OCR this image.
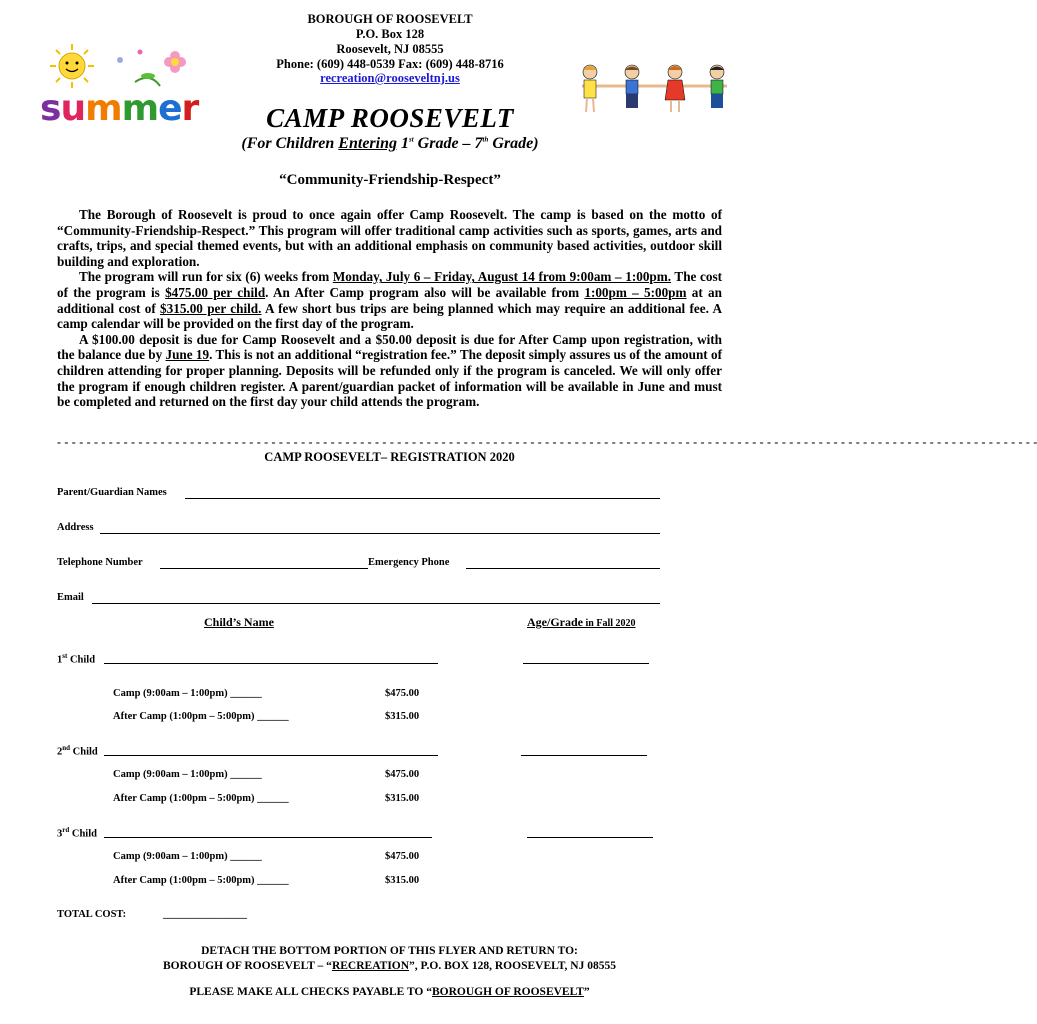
summer
BOROUGH OF ROOSEVELT
P.O. Box 128
Roosevelt, NJ 08555
Phone: (609) 448-0539 Fax: (609) 448-8716
recreation@rooseveltnj.us
CAMP ROOSEVELT
(For Children Entering 1st Grade – 7th Grade)
“Community-Friendship-Respect”

The Borough of Roosevelt is proud to once again offer Camp Roosevelt. The camp is based on the motto of “Community-Friendship-Respect.” This program will offer traditional camp activities such as sports, games, arts and crafts, trips, and special themed events, but with an additional emphasis on community based activities, outdoor skill building and exploration.

The program will run for six (6) weeks from Monday, July 6 – Friday, August 14 from 9:00am – 1:00pm. The cost of the program is $475.00 per child. An After Camp program also will be available from 1:00pm – 5:00pm at an additional cost of $315.00 per child. A few short bus trips are being planned which may require an additional fee. A camp calendar will be provided on the first day of the program.

A $100.00 deposit is due for Camp Roosevelt and a $50.00 deposit is due for After Camp upon registration, with the balance due by June 19. This is not an additional “registration fee.” The deposit simply assures us of the amount of children attending for proper planning. Deposits will be refunded only if the program is canceled. We will only offer the program if enough children register. A parent/guardian packet of information will be available in June and must be completed and returned on the first day your child attends the program.

- - - - - - - - - - - - - - - - - - - - - - - - - - - - - - - - - - - - - - - - - - - - - - - - - - - - - - - - - - - - - - - - - - - - - - - - - - - - - - - - - - - - - - - - - - - - - - - - - - - - - - - - - - - - - - - - - - - - - - - - - - - - - - - - - - - - -
CAMP ROOSEVELT– REGISTRATION 2020
Parent/Guardian Names
Address
Telephone Number	Emergency Phone
Email
Child’s Name	Age/Grade in Fall 2020
1st Child
Camp (9:00am – 1:00pm) ______	$475.00
After Camp (1:00pm – 5:00pm) ______	$315.00
2nd Child
Camp (9:00am – 1:00pm) ______	$475.00
After Camp (1:00pm – 5:00pm) ______	$315.00
3rd Child
Camp (9:00am – 1:00pm) ______	$475.00
After Camp (1:00pm – 5:00pm) ______	$315.00
TOTAL COST:	________________
DETACH THE BOTTOM PORTION OF THIS FLYER AND RETURN TO:
BOROUGH OF ROOSEVELT – “RECREATION”, P.O. BOX 128, ROOSEVELT, NJ 08555
PLEASE MAKE ALL CHECKS PAYABLE TO “BOROUGH OF ROOSEVELT”
